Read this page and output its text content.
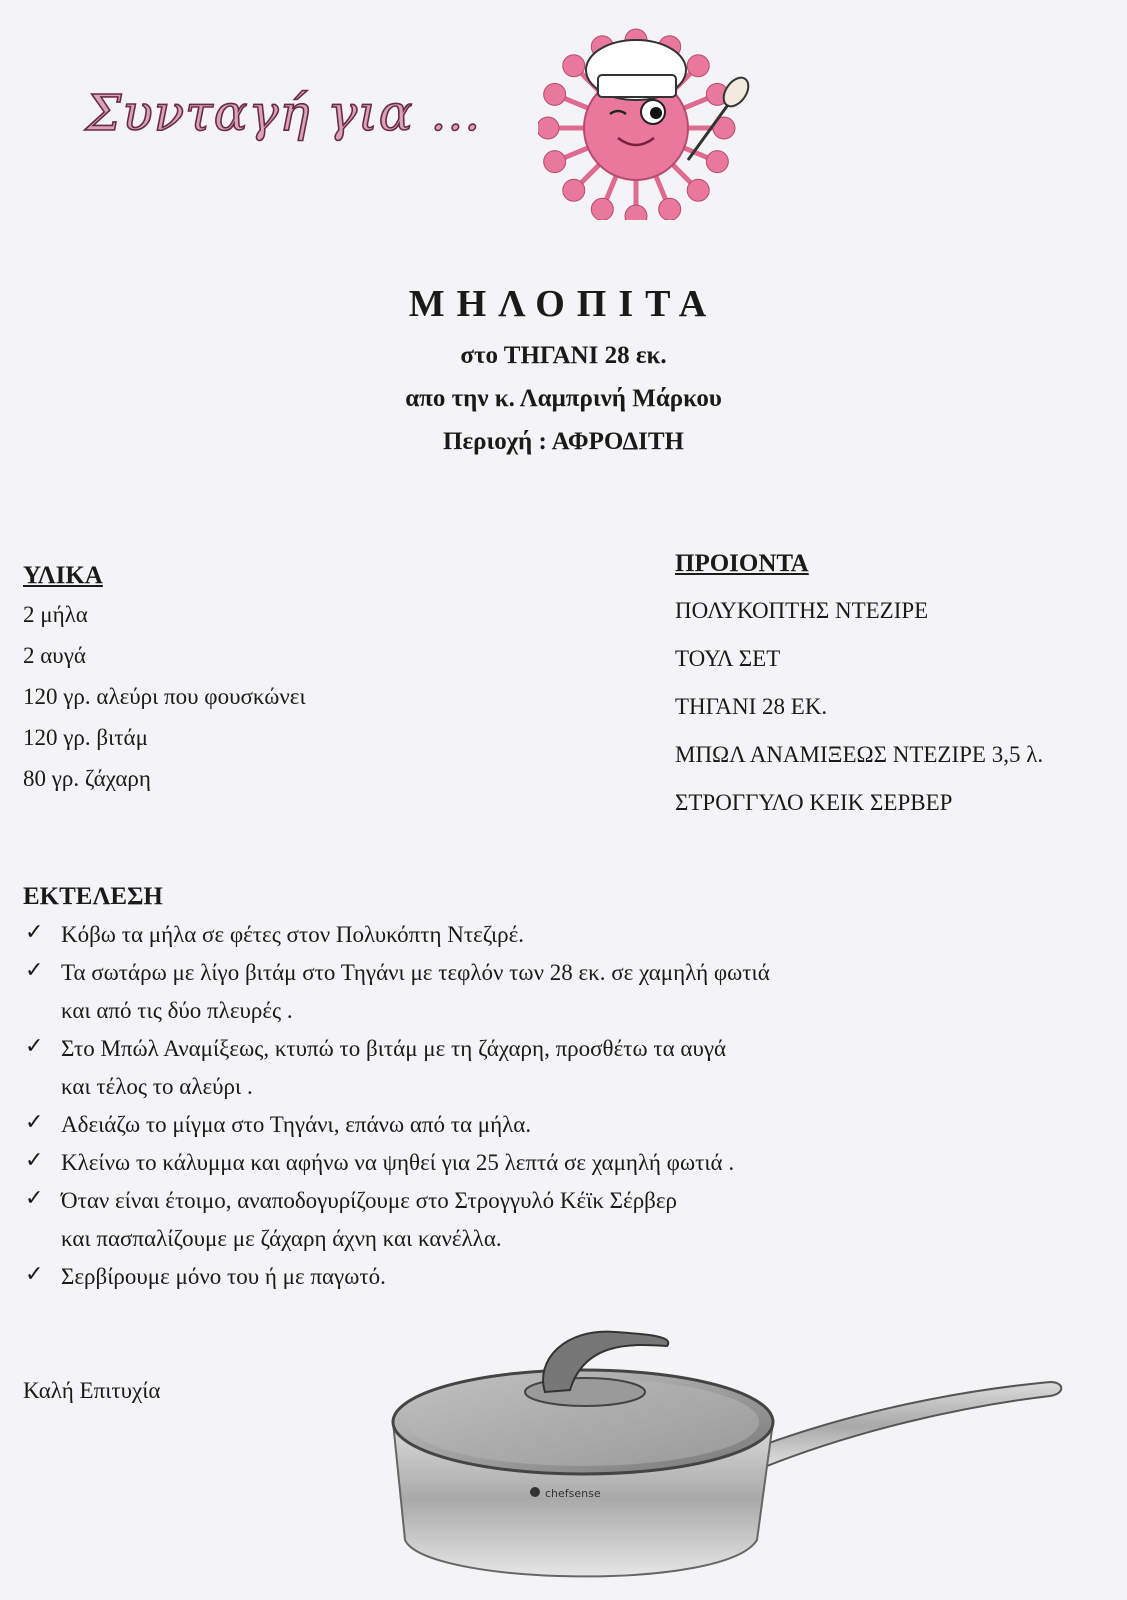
Συνταγή για ...
ΜΗΛΟΠΙΤΑ
στο ΤΗΓΑΝΙ 28 εκ.
απο την κ. Λαμπρινή Μάρκου
Περιοχή : ΑΦΡΟΔΙΤΗ
ΥΛΙΚΑ
2 μήλα
2 αυγά
120 γρ. αλεύρι που φουσκώνει
120 γρ. βιτάμ
80 γρ. ζάχαρη
ΠΡΟΙΟΝΤΑ
ΠΟΛΥΚΟΠΤΗΣ ΝΤΕΖΙΡΕ
ΤΟΥΛ ΣΕΤ
ΤΗΓΑΝΙ 28 ΕΚ.
ΜΠΩΛ ΑΝΑΜΙΞΕΩΣ ΝΤΕΖΙΡΕ 3,5 λ.
ΣΤΡΟΓΓΥΛΟ ΚΕΙΚ ΣΕΡΒΕΡ
ΕΚΤΕΛΕΣΗ
✓ Κόβω τα μήλα σε φέτες στον Πολυκόπτη Ντεζιρέ.
✓ Τα σωτάρω με λίγο βιτάμ στο Τηγάνι με τεφλόν των 28 εκ. σε χαμηλή φωτιά
και από τις δύο πλευρές .
✓ Στο Μπώλ Αναμίξεως, κτυπώ το βιτάμ με τη ζάχαρη, προσθέτω τα αυγά
και τέλος το αλεύρι .
✓ Αδειάζω το μίγμα στο Τηγάνι, επάνω από τα μήλα.
✓ Κλείνω το κάλυμμα και αφήνω να ψηθεί για 25 λεπτά σε χαμηλή φωτιά .
✓ Όταν είναι έτοιμο, αναποδογυρίζουμε στο Στρογγυλό Κέϊκ Σέρβερ
και πασπαλίζουμε με ζάχαρη άχνη και κανέλλα.
✓ Σερβίρουμε μόνο του ή με παγωτό.
Καλή Επιτυχία
chefsense
